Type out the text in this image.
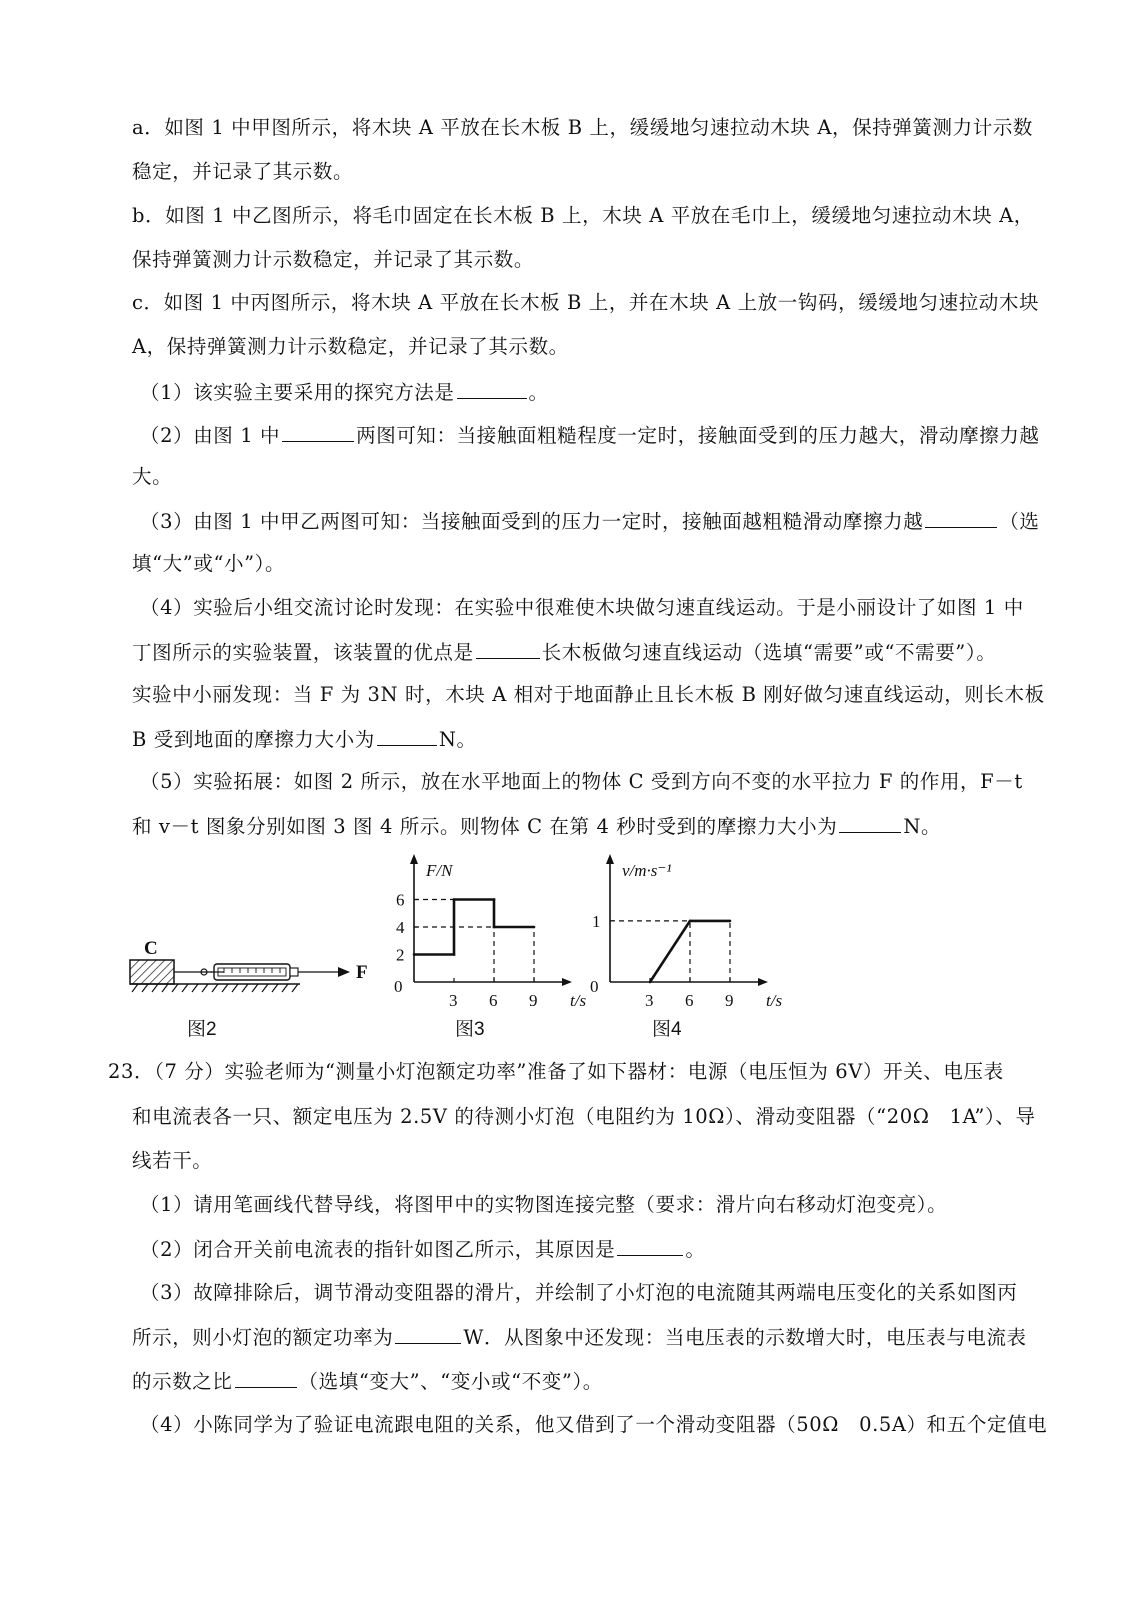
a．如图 1 中甲图所示，将木块 A 平放在长木板 B 上，缓缓地匀速拉动木块 A，保持弹簧测力计示数
稳定，并记录了其示数。
b．如图 1 中乙图所示，将毛巾固定在长木板 B 上，木块 A 平放在毛巾上，缓缓地匀速拉动木块 A，
保持弹簧测力计示数稳定，并记录了其示数。
c．如图 1 中丙图所示，将木块 A 平放在长木板 B 上，并在木块 A 上放一钩码，缓缓地匀速拉动木块
A，保持弹簧测力计示数稳定，并记录了其示数。
（1）该实验主要采用的探究方法是	。
（2）由图 1 中	两图可知：当接触面粗糙程度一定时，接触面受到的压力越大，滑动摩擦力越
大。
（3）由图 1 中甲乙两图可知：当接触面受到的压力一定时，接触面越粗糙滑动摩擦力越	（选
填“大”或“小”）。
（4）实验后小组交流讨论时发现：在实验中很难使木块做匀速直线运动。于是小丽设计了如图 1 中
丁图所示的实验装置，该装置的优点是	长木板做匀速直线运动（选填“需要”或“不需要”）。
实验中小丽发现：当 F 为 3N 时，木块 A 相对于地面静止且长木板 B 刚好做匀速直线运动，则长木板
B 受到地面的摩擦力大小为	N。
（5）实验拓展：如图 2 所示，放在水平地面上的物体 C 受到方向不变的水平拉力 F 的作用，F－t
和 v－t 图象分别如图 3 图 4 所示。则物体 C 在第 4 秒时受到的摩擦力大小为	N。
C
F
图2
F/N
t/s
0
3 6 9
2
4
6
图3
v/m·s⁻¹
t/s
0
3 6 9
1
图4
23．（7 分）实验老师为“测量小灯泡额定功率”准备了如下器材：电源（电压恒为 6V）开关、电压表
和电流表各一只、额定电压为 2.5V 的待测小灯泡（电阻约为 10Ω）、滑动变阻器（“20Ω　1A”）、导
线若干。
（1）请用笔画线代替导线，将图甲中的实物图连接完整（要求：滑片向右移动灯泡变亮）。
（2）闭合开关前电流表的指针如图乙所示，其原因是	。
（3）故障排除后，调节滑动变阻器的滑片，并绘制了小灯泡的电流随其两端电压变化的关系如图丙
所示，则小灯泡的额定功率为	W．从图象中还发现：当电压表的示数增大时，电压表与电流表
的示数之比	（选填“变大”、“变小或“不变”）。
（4）小陈同学为了验证电流跟电阻的关系，他又借到了一个滑动变阻器（50Ω　0.5A）和五个定值电
